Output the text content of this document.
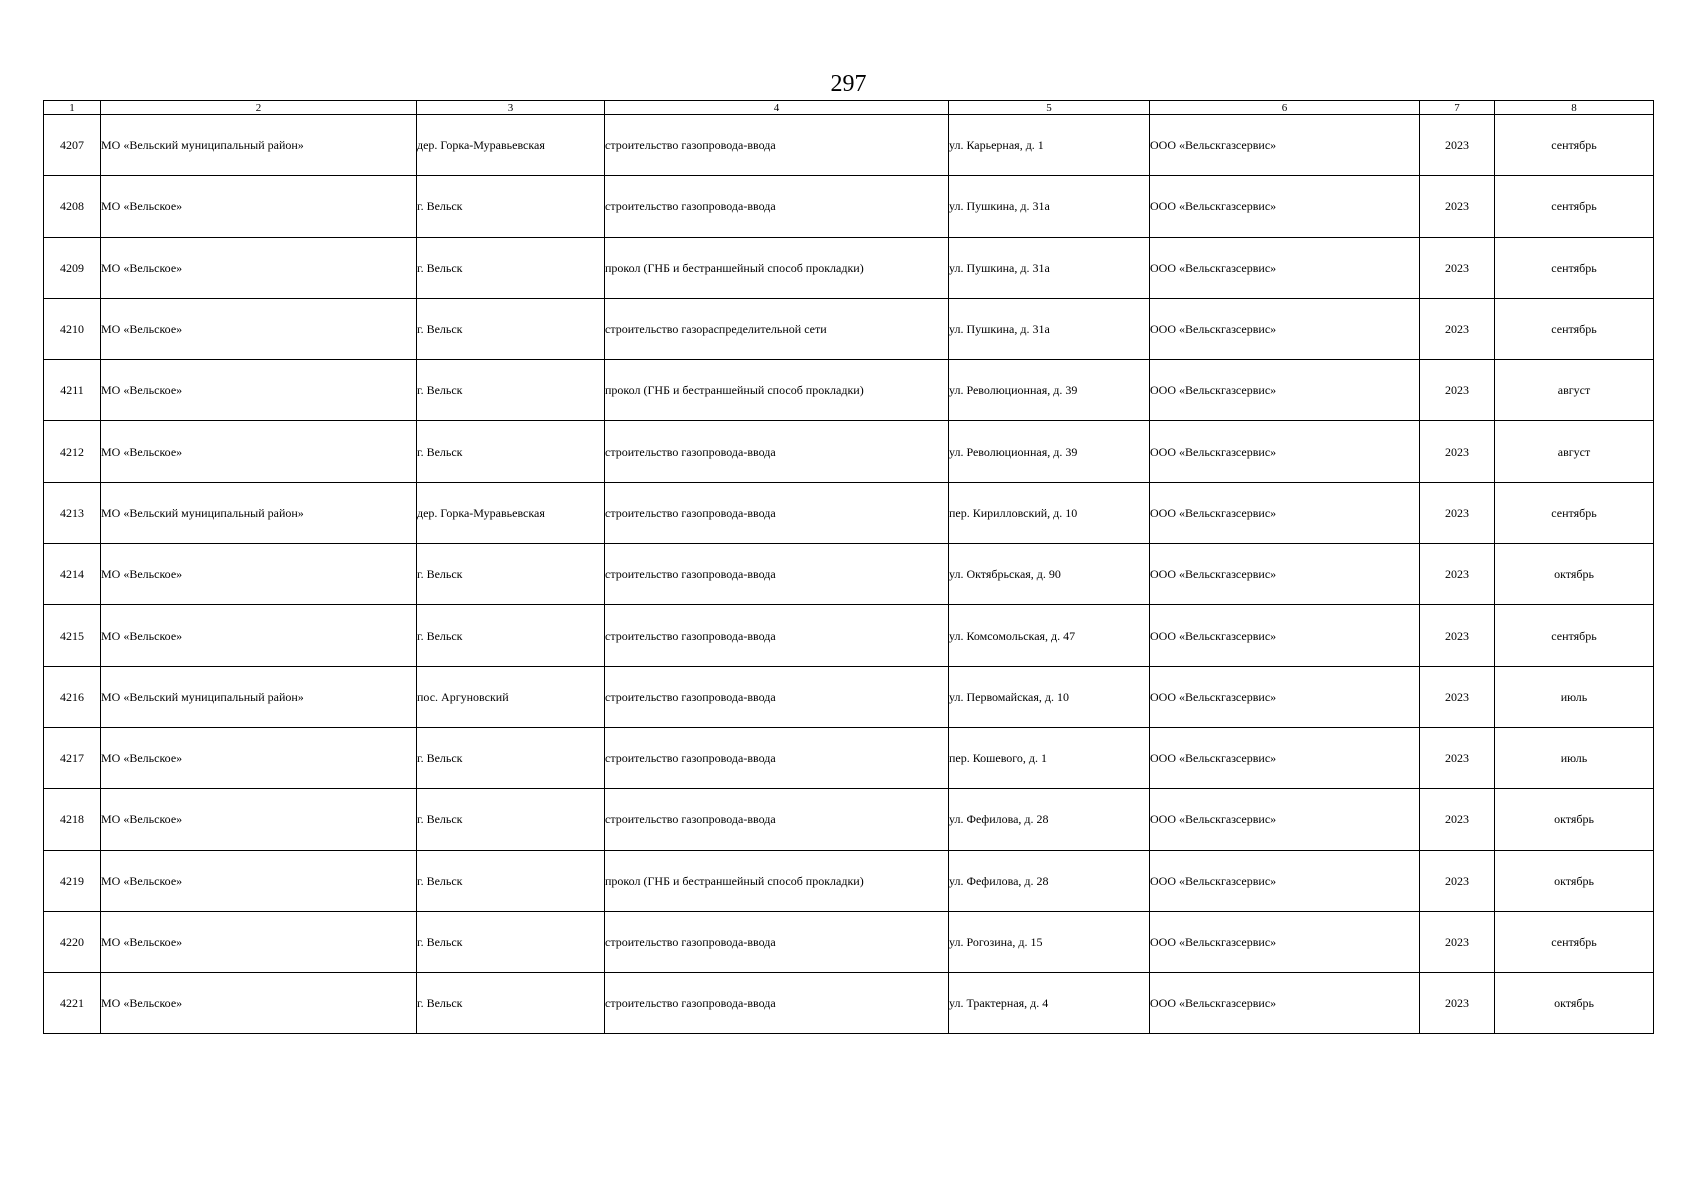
297
1	2	3	4	5	6	7	8
4207	МО «Вельский муниципальный район»	дер. Горка-Муравьевская	строительство газопровода-ввода	ул. Карьерная, д. 1	ООО «Вельскгазсервис»	2023	сентябрь
4208	МО «Вельское»	г. Вельск	строительство газопровода-ввода	ул. Пушкина, д. 31а	ООО «Вельскгазсервис»	2023	сентябрь
4209	МО «Вельское»	г. Вельск	прокол (ГНБ и бестраншейный способ прокладки)	ул. Пушкина, д. 31а	ООО «Вельскгазсервис»	2023	сентябрь
4210	МО «Вельское»	г. Вельск	строительство газораспределительной сети	ул. Пушкина, д. 31а	ООО «Вельскгазсервис»	2023	сентябрь
4211	МО «Вельское»	г. Вельск	прокол (ГНБ и бестраншейный способ прокладки)	ул. Революционная, д. 39	ООО «Вельскгазсервис»	2023	август
4212	МО «Вельское»	г. Вельск	строительство газопровода-ввода	ул. Революционная, д. 39	ООО «Вельскгазсервис»	2023	август
4213	МО «Вельский муниципальный район»	дер. Горка-Муравьевская	строительство газопровода-ввода	пер. Кирилловский, д. 10	ООО «Вельскгазсервис»	2023	сентябрь
4214	МО «Вельское»	г. Вельск	строительство газопровода-ввода	ул. Октябрьская, д. 90	ООО «Вельскгазсервис»	2023	октябрь
4215	МО «Вельское»	г. Вельск	строительство газопровода-ввода	ул. Комсомольская, д. 47	ООО «Вельскгазсервис»	2023	сентябрь
4216	МО «Вельский муниципальный район»	пос. Аргуновский	строительство газопровода-ввода	ул. Первомайская, д. 10	ООО «Вельскгазсервис»	2023	июль
4217	МО «Вельское»	г. Вельск	строительство газопровода-ввода	пер. Кошевого, д. 1	ООО «Вельскгазсервис»	2023	июль
4218	МО «Вельское»	г. Вельск	строительство газопровода-ввода	ул. Фефилова, д. 28	ООО «Вельскгазсервис»	2023	октябрь
4219	МО «Вельское»	г. Вельск	прокол (ГНБ и бестраншейный способ прокладки)	ул. Фефилова, д. 28	ООО «Вельскгазсервис»	2023	октябрь
4220	МО «Вельское»	г. Вельск	строительство газопровода-ввода	ул. Рогозина, д. 15	ООО «Вельскгазсервис»	2023	сентябрь
4221	МО «Вельское»	г. Вельск	строительство газопровода-ввода	ул. Трактерная, д. 4	ООО «Вельскгазсервис»	2023	октябрь
